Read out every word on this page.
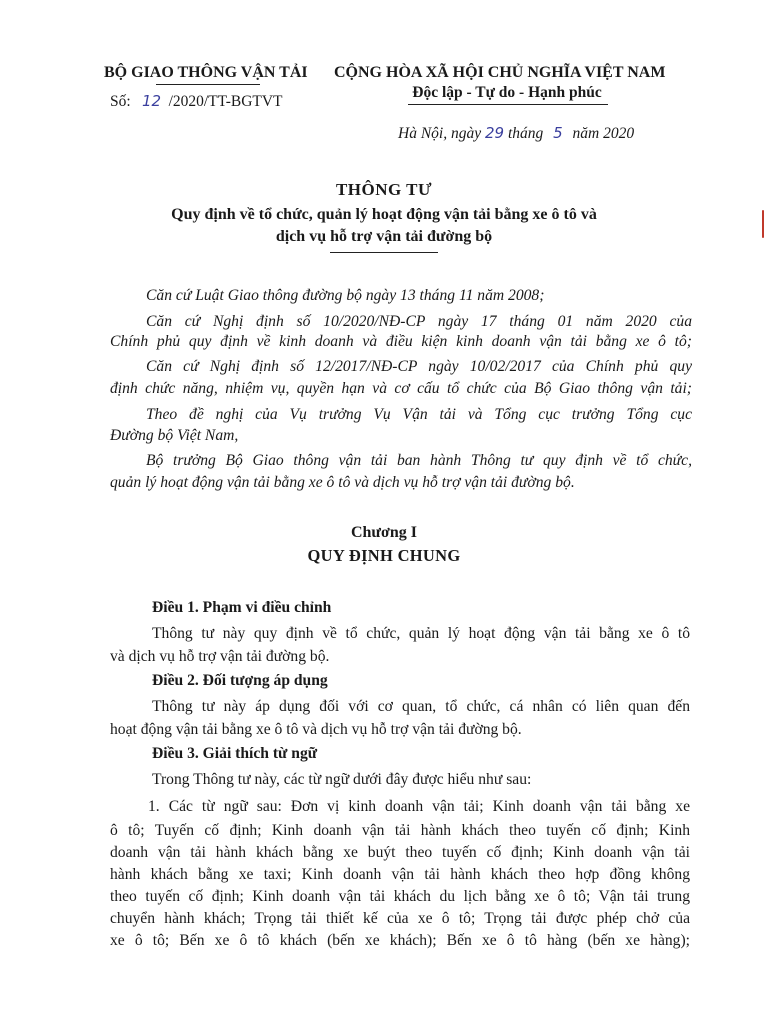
BỘ GIAO THÔNG VẬN TẢI
Số: 12 /2020/TT-BGTVT
CỘNG HÒA XÃ HỘI CHỦ NGHĨA VIỆT NAM
Độc lập - Tự do - Hạnh phúc
Hà Nội, ngày 29 tháng 5 năm 2020
THÔNG TƯ
Quy định về tổ chức, quản lý hoạt động vận tải bằng xe ô tô và
dịch vụ hỗ trợ vận tải đường bộ
Căn cứ Luật Giao thông đường bộ ngày 13 tháng 11 năm 2008;
Căn cứ Nghị định số 10/2020/NĐ-CP ngày 17 tháng 01 năm 2020 của
Chính phủ quy định về kinh doanh và điều kiện kinh doanh vận tải bằng xe ô tô;
Căn cứ Nghị định số 12/2017/NĐ-CP ngày 10/02/2017 của Chính phủ quy
định chức năng, nhiệm vụ, quyền hạn và cơ cấu tổ chức của Bộ Giao thông vận tải;
Theo đề nghị của Vụ trưởng Vụ Vận tải và Tổng cục trưởng Tổng cục
Đường bộ Việt Nam,
Bộ trưởng Bộ Giao thông vận tải ban hành Thông tư quy định về tổ chức,
quản lý hoạt động vận tải bằng xe ô tô và dịch vụ hỗ trợ vận tải đường bộ.
Chương I
QUY ĐỊNH CHUNG
Điều 1. Phạm vi điều chỉnh
Thông tư này quy định về tổ chức, quản lý hoạt động vận tải bằng xe ô tô
và dịch vụ hỗ trợ vận tải đường bộ.
Điều 2. Đối tượng áp dụng
Thông tư này áp dụng đối với cơ quan, tổ chức, cá nhân có liên quan đến
hoạt động vận tải bằng xe ô tô và dịch vụ hỗ trợ vận tải đường bộ.
Điều 3. Giải thích từ ngữ
Trong Thông tư này, các từ ngữ dưới đây được hiểu như sau:
1. Các từ ngữ sau: Đơn vị kinh doanh vận tải; Kinh doanh vận tải bằng xe
ô tô; Tuyến cố định; Kinh doanh vận tải hành khách theo tuyến cố định; Kinh
doanh vận tải hành khách bằng xe buýt theo tuyến cố định; Kinh doanh vận tải
hành khách bằng xe taxi; Kinh doanh vận tải hành khách theo hợp đồng không
theo tuyến cố định; Kinh doanh vận tải khách du lịch bằng xe ô tô; Vận tải trung
chuyển hành khách; Trọng tải thiết kế của xe ô tô; Trọng tải được phép chở của
xe ô tô; Bến xe ô tô khách (bến xe khách); Bến xe ô tô hàng (bến xe hàng);
